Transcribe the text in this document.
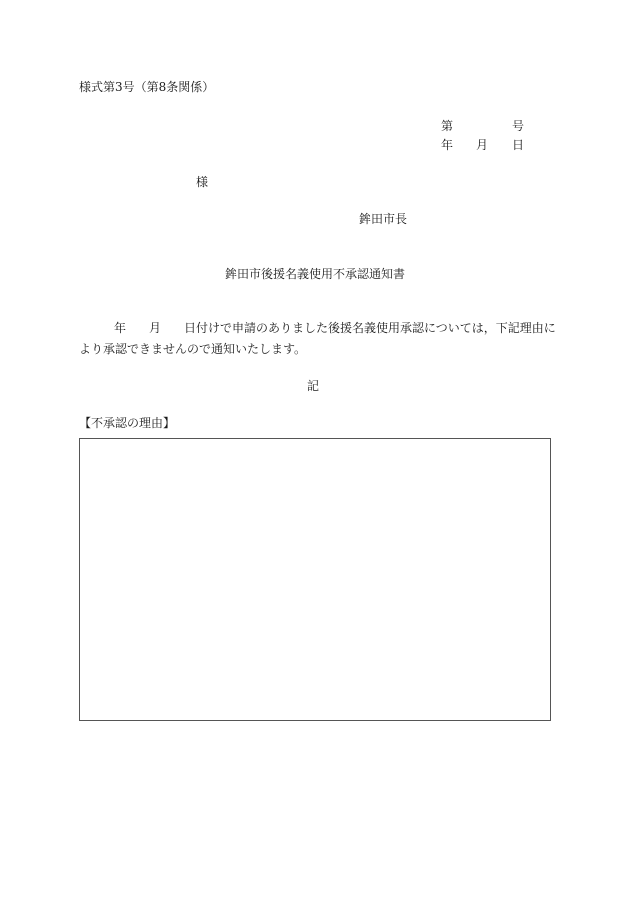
様式第3号（第8条関係）
第	号
年 月 日
様
鉾田市長
鉾田市後援名義使用不承認通知書
年 月 日付けで申請のありました後援名義使用承認については，下記理由に
より承認できませんので通知いたします。
記
【不承認の理由】
